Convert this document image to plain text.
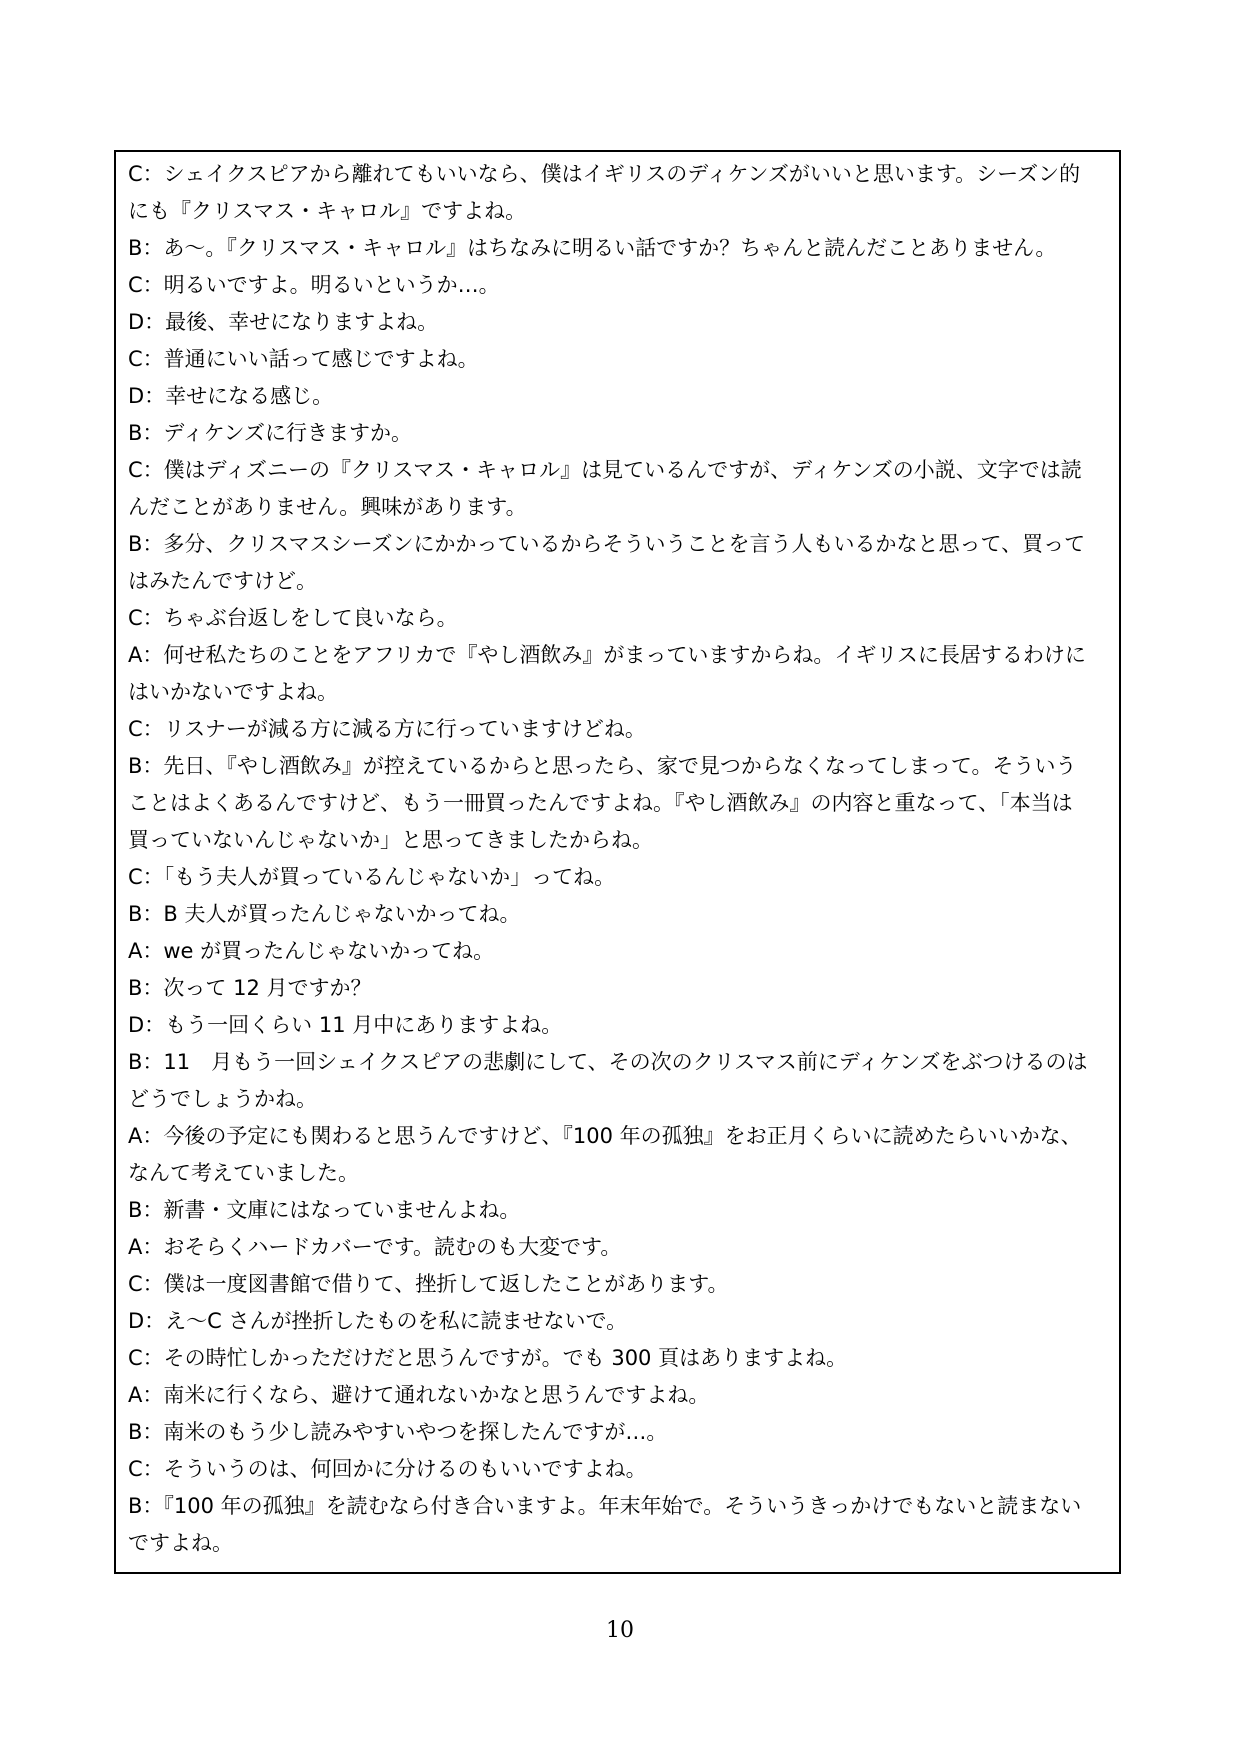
C：シェイクスピアから離れてもいいなら、僕はイギリスのディケンズがいいと思います。シーズン的
にも『クリスマス・キャロル』ですよね。
B：あ〜。『クリスマス・キャロル』はちなみに明るい話ですか？ちゃんと読んだことありません。
C：明るいですよ。明るいというか…。
D：最後、幸せになりますよね。
C：普通にいい話って感じですよね。
D：幸せになる感じ。
B：ディケンズに行きますか。
C：僕はディズニーの『クリスマス・キャロル』は見ているんですが、ディケンズの小説、文字では読
んだことがありません。興味があります。
B：多分、クリスマスシーズンにかかっているからそういうことを言う人もいるかなと思って、買って
はみたんですけど。
C：ちゃぶ台返しをして良いなら。
A：何せ私たちのことをアフリカで『やし酒飲み』がまっていますからね。イギリスに長居するわけに
はいかないですよね。
C：リスナーが減る方に減る方に行っていますけどね。
B：先日、『やし酒飲み』が控えているからと思ったら、家で見つからなくなってしまって。そういう
ことはよくあるんですけど、もう一冊買ったんですよね。『やし酒飲み』の内容と重なって、「本当は
買っていないんじゃないか」と思ってきましたからね。
C：「もう夫人が買っているんじゃないか」ってね。
B：B 夫人が買ったんじゃないかってね。
A：we が買ったんじゃないかってね。
B：次って 12 月ですか？
D：もう一回くらい 11 月中にありますよね。
B：11　月もう一回シェイクスピアの悲劇にして、その次のクリスマス前にディケンズをぶつけるのは
どうでしょうかね。
A：今後の予定にも関わると思うんですけど、『100 年の孤独』をお正月くらいに読めたらいいかな、
なんて考えていました。
B：新書・文庫にはなっていませんよね。
A：おそらくハードカバーです。読むのも大変です。
C：僕は一度図書館で借りて、挫折して返したことがあります。
D：え〜C さんが挫折したものを私に読ませないで。
C：その時忙しかっただけだと思うんですが。でも 300 頁はありますよね。
A：南米に行くなら、避けて通れないかなと思うんですよね。
B：南米のもう少し読みやすいやつを探したんですが…。
C：そういうのは、何回かに分けるのもいいですよね。
B：『100 年の孤独』を読むなら付き合いますよ。年末年始で。そういうきっかけでもないと読まない
ですよね。
10
